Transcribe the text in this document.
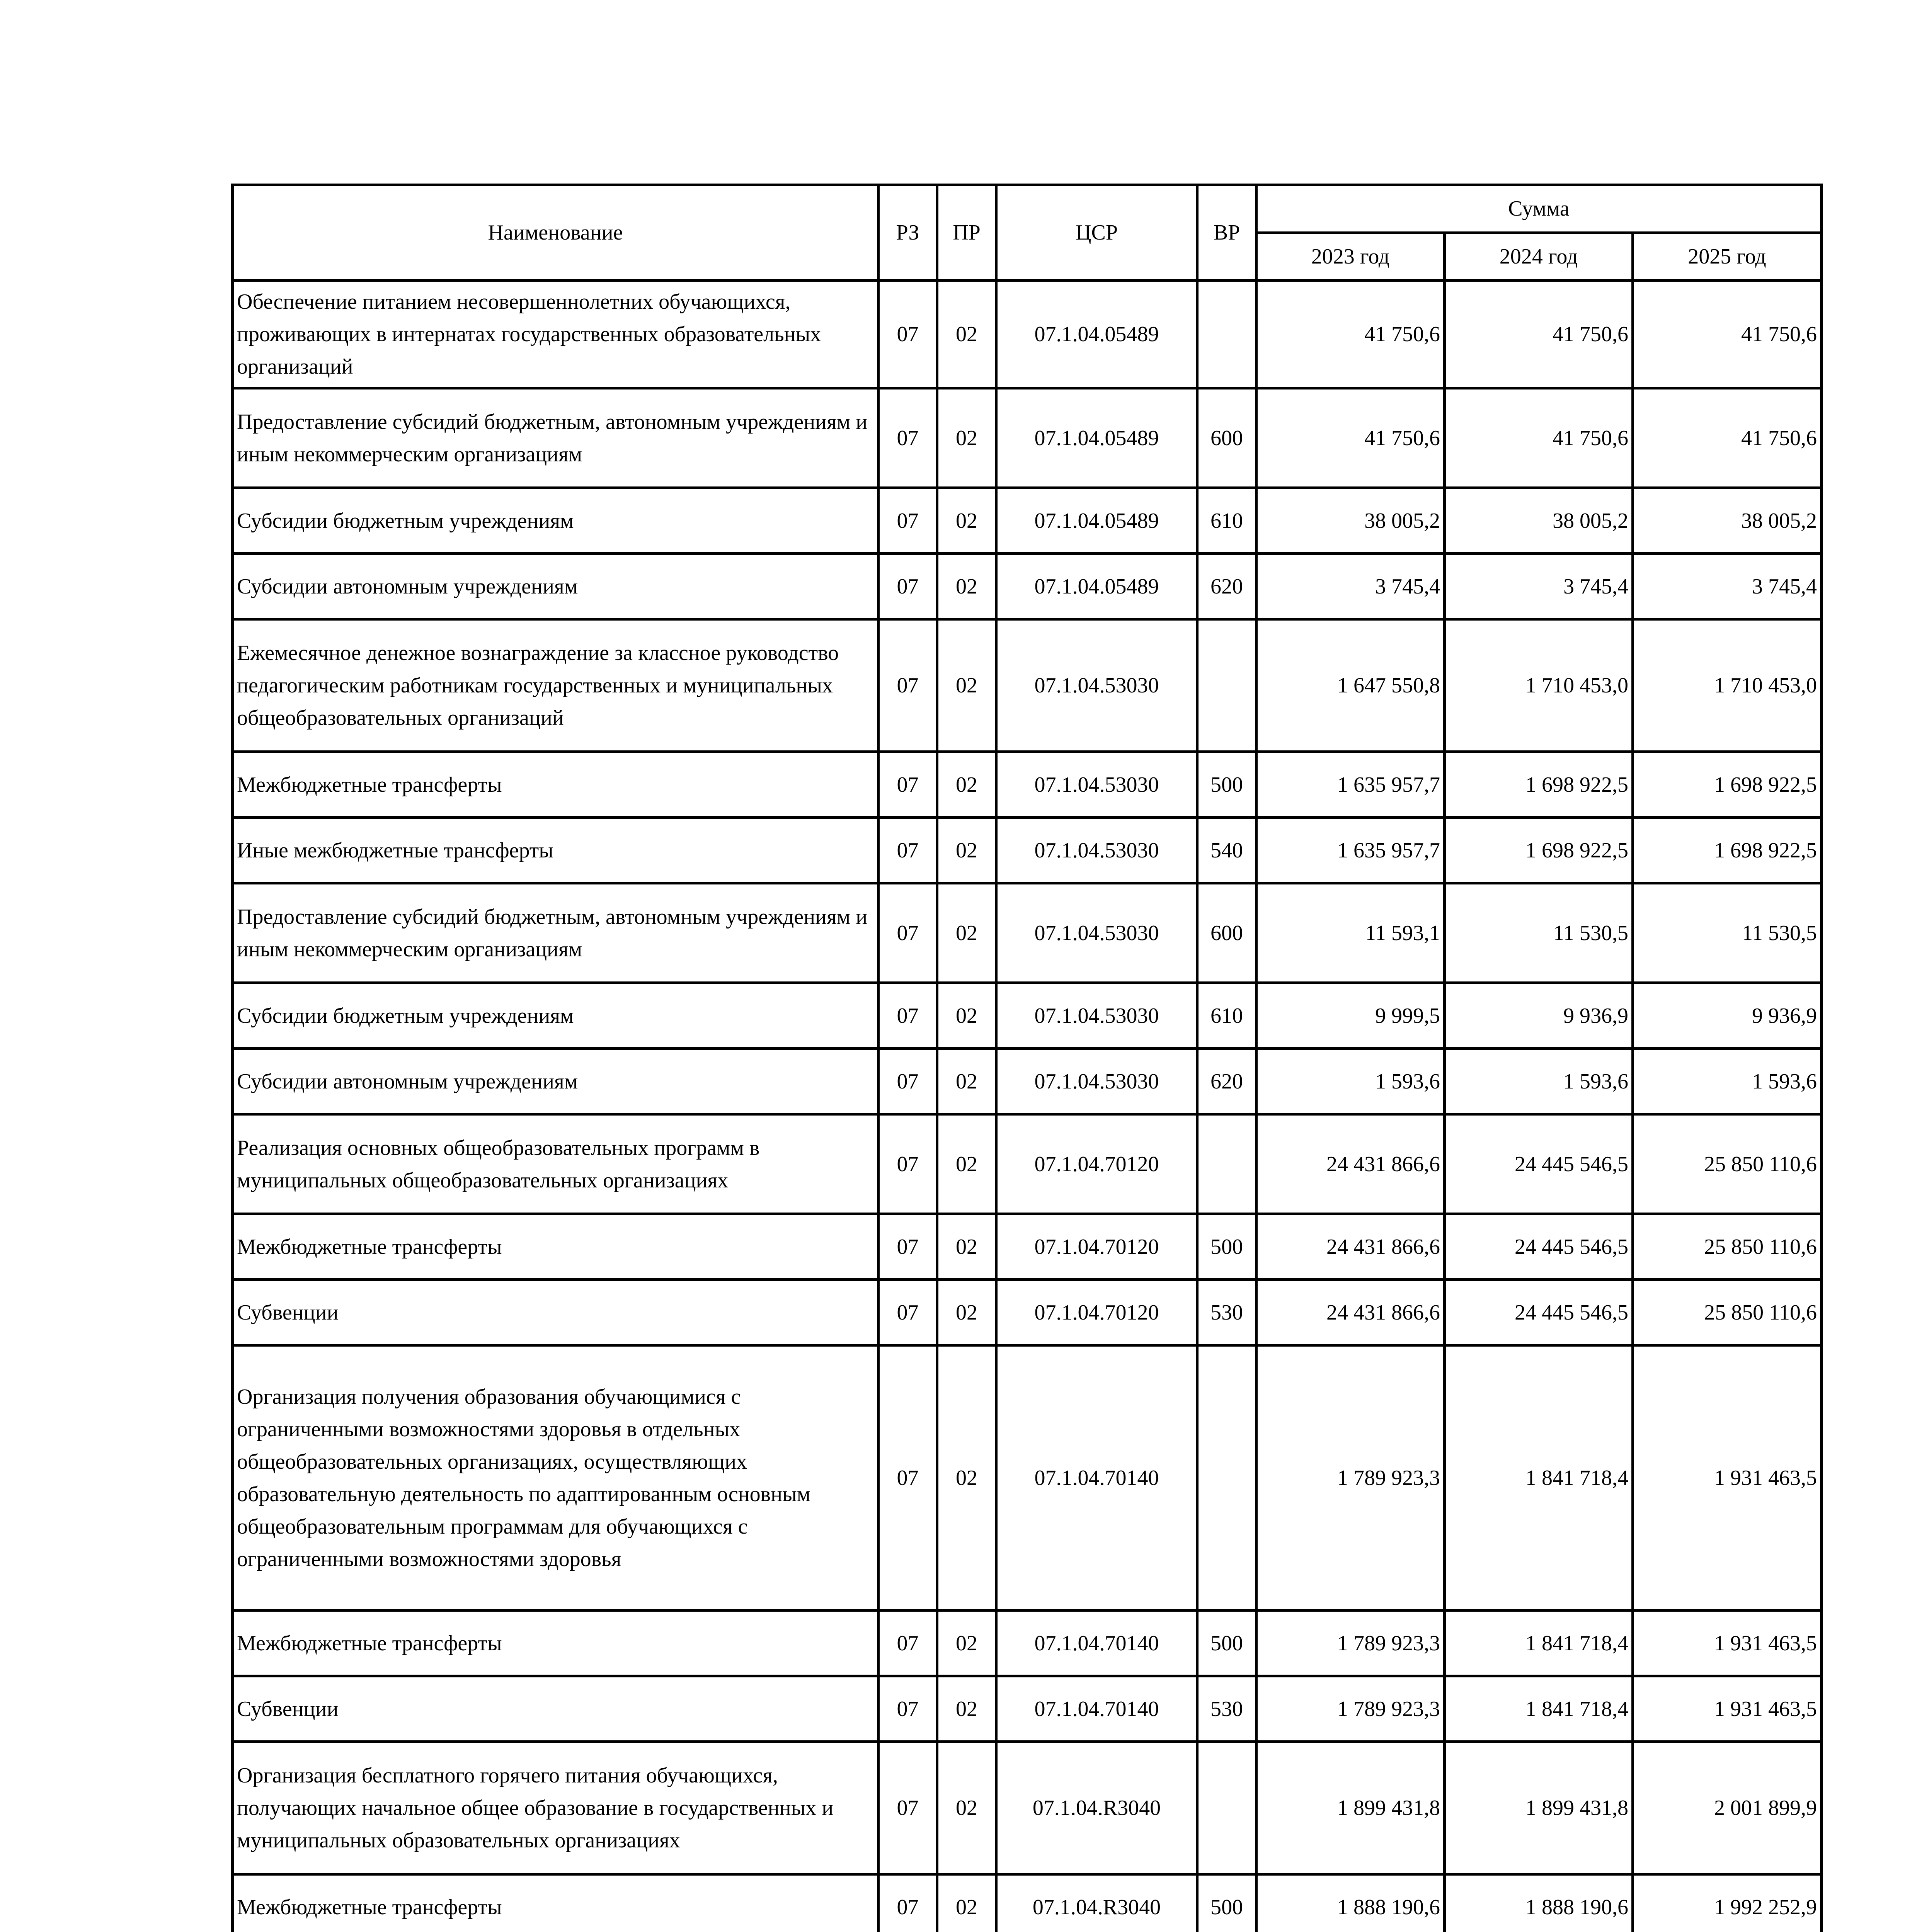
Наименование	РЗ	ПР	ЦСР	ВР	Сумма		
					2023 год	2024 год	2025 год
Обеспечение питанием несовершеннолетних обучающихся, проживающих в интернатах государственных образовательных организаций	07	02	07.1.04.05489		41 750,6	41 750,6	41 750,6
Предоставление субсидий бюджетным, автономным учреждениям и иным некоммерческим организациям	07	02	07.1.04.05489	600	41 750,6	41 750,6	41 750,6
Субсидии бюджетным учреждениям	07	02	07.1.04.05489	610	38 005,2	38 005,2	38 005,2
Субсидии автономным учреждениям	07	02	07.1.04.05489	620	3 745,4	3 745,4	3 745,4
Ежемесячное денежное вознаграждение за классное руководство педагогическим работникам государственных и муниципальных общеобразовательных организаций	07	02	07.1.04.53030		1 647 550,8	1 710 453,0	1 710 453,0
Межбюджетные трансферты	07	02	07.1.04.53030	500	1 635 957,7	1 698 922,5	1 698 922,5
Иные межбюджетные трансферты	07	02	07.1.04.53030	540	1 635 957,7	1 698 922,5	1 698 922,5
Предоставление субсидий бюджетным, автономным учреждениям и иным некоммерческим организациям	07	02	07.1.04.53030	600	11 593,1	11 530,5	11 530,5
Субсидии бюджетным учреждениям	07	02	07.1.04.53030	610	9 999,5	9 936,9	9 936,9
Субсидии автономным учреждениям	07	02	07.1.04.53030	620	1 593,6	1 593,6	1 593,6
Реализация основных общеобразовательных программ в муниципальных общеобразовательных организациях	07	02	07.1.04.70120		24 431 866,6	24 445 546,5	25 850 110,6
Межбюджетные трансферты	07	02	07.1.04.70120	500	24 431 866,6	24 445 546,5	25 850 110,6
Субвенции	07	02	07.1.04.70120	530	24 431 866,6	24 445 546,5	25 850 110,6
Организация получения образования обучающимися с ограниченными возможностями здоровья в отдельных общеобразовательных организациях, осуществляющих образовательную деятельность по адаптированным основным общеобразовательным программам для обучающихся с ограниченными возможностями здоровья	07	02	07.1.04.70140		1 789 923,3	1 841 718,4	1 931 463,5
Межбюджетные трансферты	07	02	07.1.04.70140	500	1 789 923,3	1 841 718,4	1 931 463,5
Субвенции	07	02	07.1.04.70140	530	1 789 923,3	1 841 718,4	1 931 463,5
Организация бесплатного горячего питания обучающихся, получающих начальное общее образование в государственных и муниципальных образовательных организациях	07	02	07.1.04.R3040		1 899 431,8	1 899 431,8	2 001 899,9
Межбюджетные трансферты	07	02	07.1.04.R3040	500	1 888 190,6	1 888 190,6	1 992 252,9
